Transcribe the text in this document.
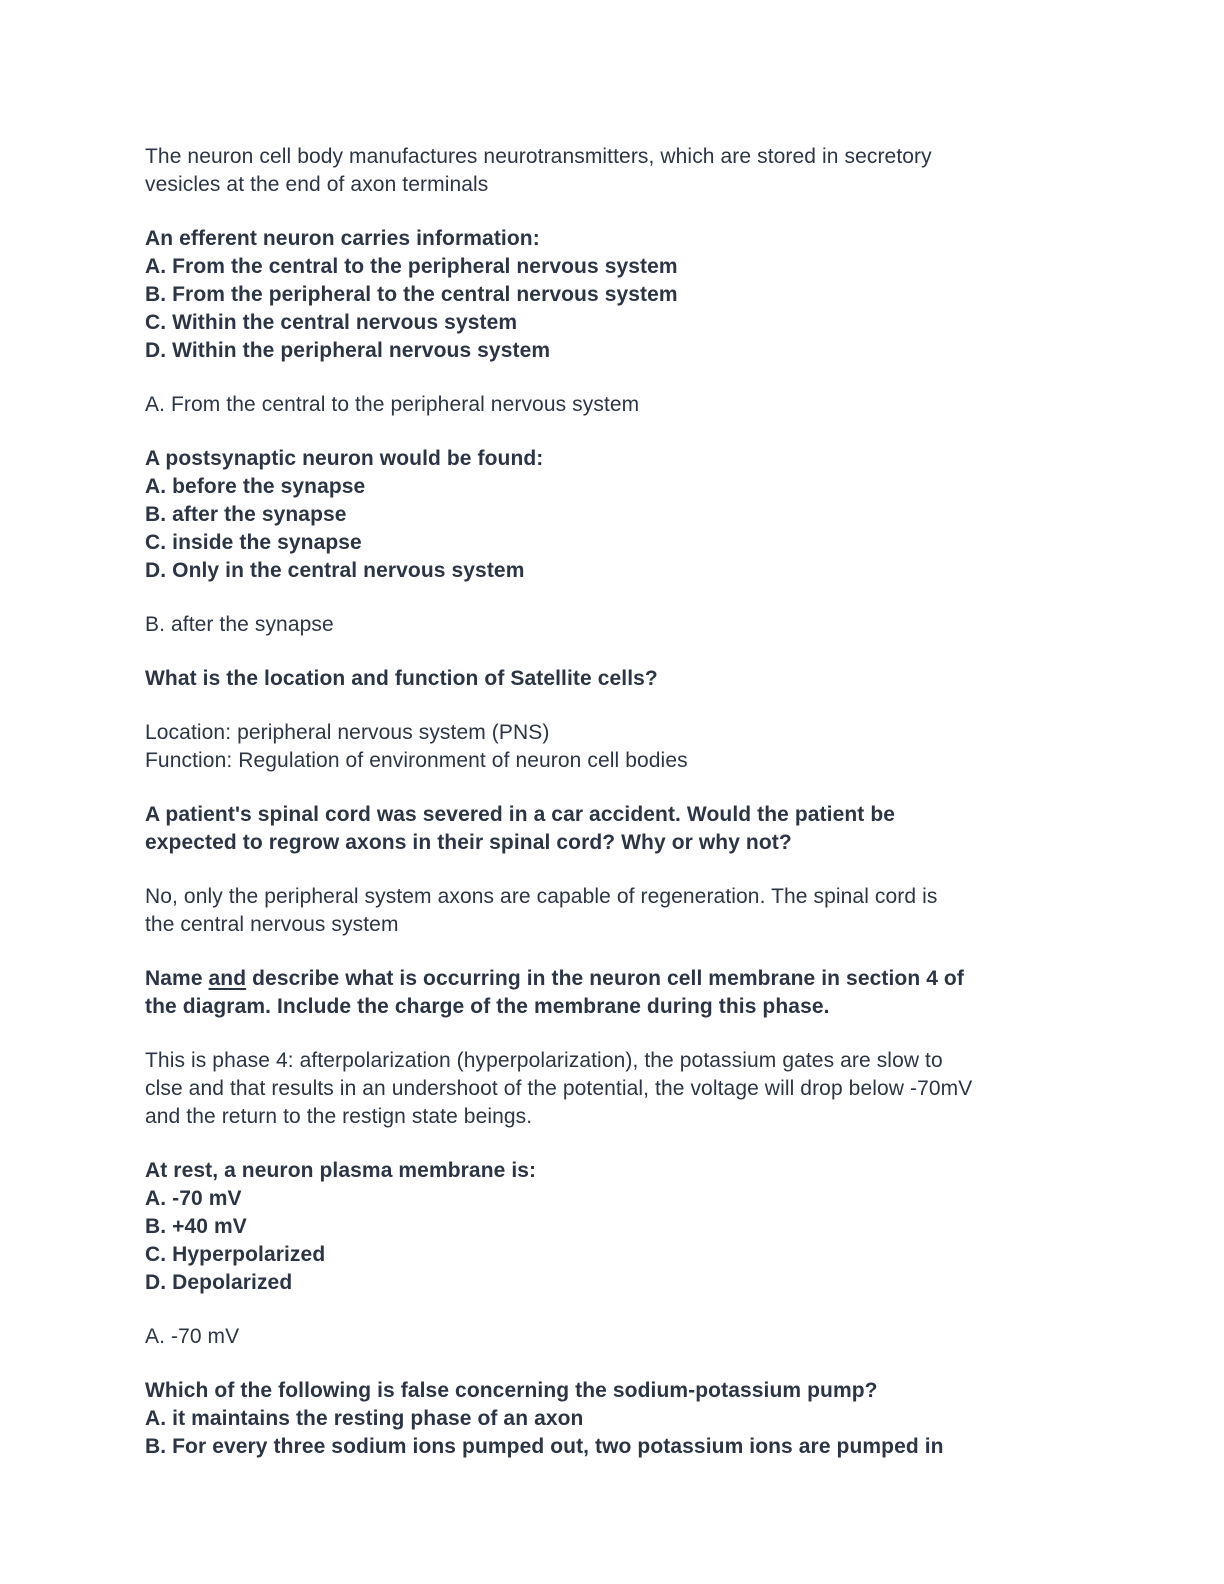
The neuron cell body manufactures neurotransmitters, which are stored in secretory
vesicles at the end of axon terminals
An efferent neuron carries information:
A. From the central to the peripheral nervous system
B. From the peripheral to the central nervous system
C. Within the central nervous system
D. Within the peripheral nervous system
A. From the central to the peripheral nervous system
A postsynaptic neuron would be found:
A. before the synapse
B. after the synapse
C. inside the synapse
D. Only in the central nervous system
B. after the synapse
What is the location and function of Satellite cells?
Location: peripheral nervous system (PNS)
Function: Regulation of environment of neuron cell bodies
A patient's spinal cord was severed in a car accident. Would the patient be
expected to regrow axons in their spinal cord? Why or why not?
No, only the peripheral system axons are capable of regeneration. The spinal cord is
the central nervous system
Name and describe what is occurring in the neuron cell membrane in section 4 of
the diagram. Include the charge of the membrane during this phase.
This is phase 4: afterpolarization (hyperpolarization), the potassium gates are slow to
clse and that results in an undershoot of the potential, the voltage will drop below -70mV
and the return to the restign state beings.
At rest, a neuron plasma membrane is:
A. -70 mV
B. +40 mV
C. Hyperpolarized
D. Depolarized
A. -70 mV
Which of the following is false concerning the sodium-potassium pump?
A. it maintains the resting phase of an axon
B. For every three sodium ions pumped out, two potassium ions are pumped in
